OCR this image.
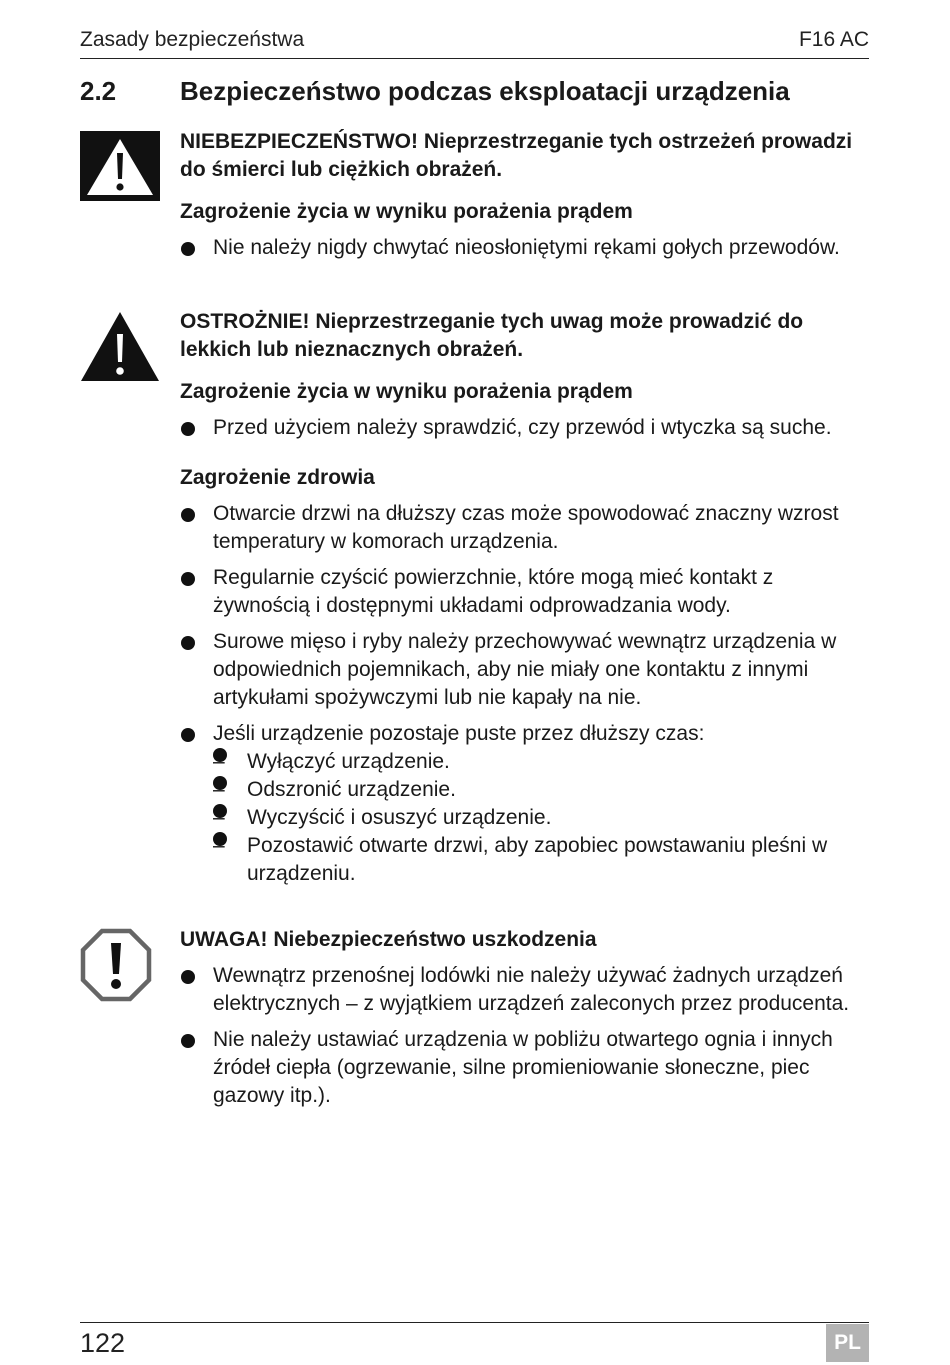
Zasady bezpieczeństwa	F16 AC
2.2	Bezpieczeństwo podczas eksploatacji urządzenia

NIEBEZPIECZEŃSTWO! Nieprzestrzeganie tych ostrzeżeń prowadzi do śmierci lub ciężkich obrażeń.

Zagrożenie życia w wyniku porażenia prądem

Nie należy nigdy chwytać nieosłoniętymi rękami gołych przewodów.

OSTROŻNIE! Nieprzestrzeganie tych uwag może prowadzić do lekkich lub nieznacznych obrażeń.

Zagrożenie życia w wyniku porażenia prądem

Przed użyciem należy sprawdzić, czy przewód i wtyczka są suche.

Zagrożenie zdrowia

Otwarcie drzwi na dłuższy czas może spowodować znaczny wzrost temperatury w komorach urządzenia.
Regularnie czyścić powierzchnie, które mogą mieć kontakt z żywnością i dostępnymi układami odprowadzania wody.
Surowe mięso i ryby należy przechowywać wewnątrz urządzenia w odpowiednich pojemnikach, aby nie miały one kontaktu z innymi artykułami spożywczymi lub nie kapały na nie.
Jeśli urządzenie pozostaje puste przez dłuższy czas:
– Wyłączyć urządzenie.
– Odszronić urządzenie.
– Wyczyścić i osuszyć urządzenie.
– Pozostawić otwarte drzwi, aby zapobiec powstawaniu pleśni w urządzeniu.

UWAGA! Niebezpieczeństwo uszkodzenia

Wewnątrz przenośnej lodówki nie należy używać żadnych urządzeń elektrycznych – z wyjątkiem urządzeń zaleconych przez producenta.
Nie należy ustawiać urządzenia w pobliżu otwartego ognia i innych źródeł ciepła (ogrzewanie, silne promieniowanie słoneczne, piec gazowy itp.).
122	PL
